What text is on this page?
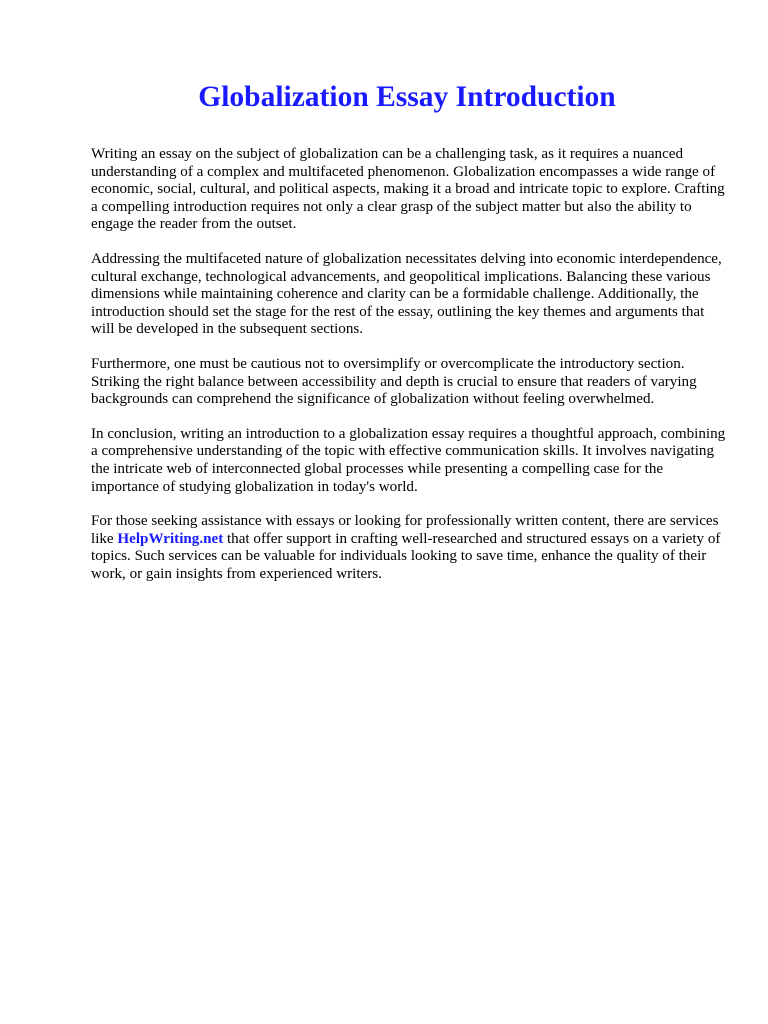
Globalization Essay Introduction

Writing an essay on the subject of globalization can be a challenging task, as it requires a nuanced understanding of a complex and multifaceted phenomenon. Globalization encompasses a wide range of economic, social, cultural, and political aspects, making it a broad and intricate topic to explore. Crafting a compelling introduction requires not only a clear grasp of the subject matter but also the ability to engage the reader from the outset.

Addressing the multifaceted nature of globalization necessitates delving into economic interdependence, cultural exchange, technological advancements, and geopolitical implications. Balancing these various dimensions while maintaining coherence and clarity can be a formidable challenge. Additionally, the introduction should set the stage for the rest of the essay, outlining the key themes and arguments that will be developed in the subsequent sections.

Furthermore, one must be cautious not to oversimplify or overcomplicate the introductory section. Striking the right balance between accessibility and depth is crucial to ensure that readers of varying backgrounds can comprehend the significance of globalization without feeling overwhelmed.

In conclusion, writing an introduction to a globalization essay requires a thoughtful approach, combining a comprehensive understanding of the topic with effective communication skills. It involves navigating the intricate web of interconnected global processes while presenting a compelling case for the importance of studying globalization in today's world.

For those seeking assistance with essays or looking for professionally written content, there are services like HelpWriting.net that offer support in crafting well-researched and structured essays on a variety of topics. Such services can be valuable for individuals looking to save time, enhance the quality of their work, or gain insights from experienced writers.
